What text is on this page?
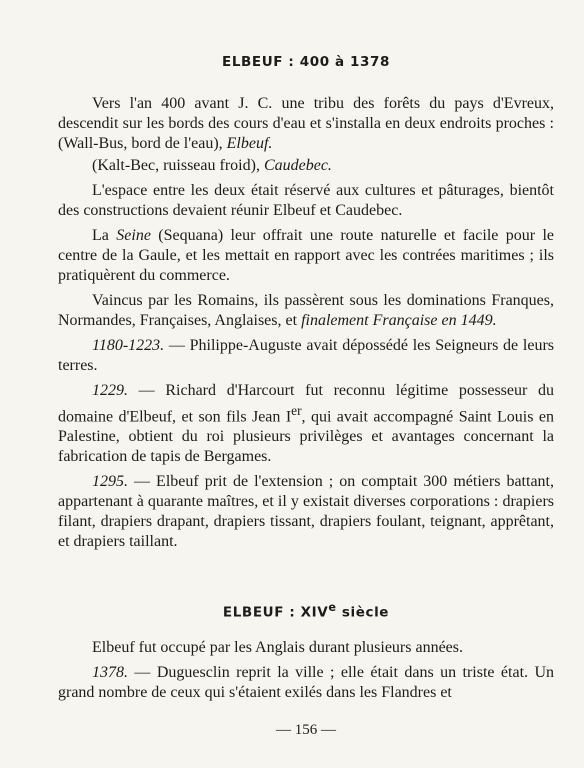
ELBEUF : 400 à 1378

Vers l'an 400 avant J. C. une tribu des forêts du pays d'Evreux, descendit sur les bords des cours d'eau et s'installa en deux endroits proches : (Wall-Bus, bord de l'eau), Elbeuf.

(Kalt-Bec, ruisseau froid), Caudebec.

L'espace entre les deux était réservé aux cultures et pâturages, bientôt des constructions devaient réunir Elbeuf et Caudebec.

La Seine (Sequana) leur offrait une route naturelle et facile pour le centre de la Gaule, et les mettait en rapport avec les contrées maritimes ; ils pratiquèrent du commerce.

Vaincus par les Romains, ils passèrent sous les dominations Franques, Normandes, Françaises, Anglaises, et finalement Française en 1449.

1180-1223. — Philippe-Auguste avait dépossédé les Seigneurs de leurs terres.

1229. — Richard d'Harcourt fut reconnu légitime possesseur du domaine d'Elbeuf, et son fils Jean Ier, qui avait accompagné Saint Louis en Palestine, obtient du roi plusieurs privilèges et avantages concernant la fabrication de tapis de Bergames.

1295. — Elbeuf prit de l'extension ; on comptait 300 métiers battant, appartenant à quarante maîtres, et il y existait diverses corporations : drapiers filant, drapiers drapant, drapiers tissant, drapiers foulant, teignant, apprêtant, et drapiers taillant.

ELBEUF : XIVe siècle

Elbeuf fut occupé par les Anglais durant plusieurs années.

1378. — Duguesclin reprit la ville ; elle était dans un triste état. Un grand nombre de ceux qui s'étaient exilés dans les Flandres et

— 156 —
